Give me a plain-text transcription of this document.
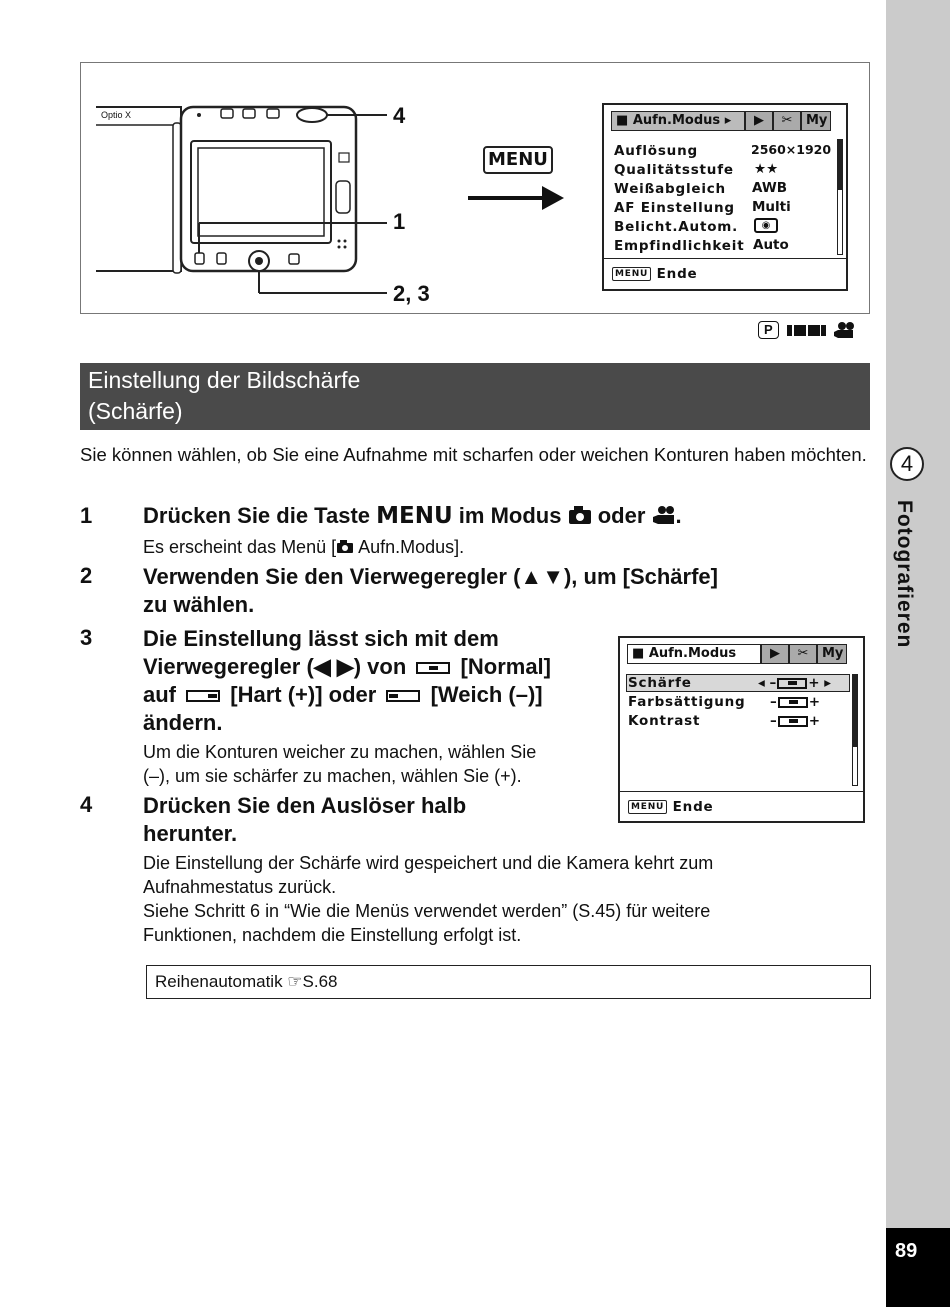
4
Fotografieren
89
Optio X	4
1
2, 3
MENU
■ Aufn.Modus ▸	▶	✂	My
Auflösung	2560×1920
Qualitätsstufe ★★
Weißabgleich AWB
AF Einstellung Multi
Belicht.Autom.	◉
Empfindlichkeit Auto
MENU Ende
P
Einstellung der Bildschärfe
(Schärfe)
Sie können wählen, ob Sie eine Aufnahme mit scharfen oder weichen Konturen haben möchten.
1 Drücken Sie die Taste MENU im Modus oder .
Es erscheint das Menü [ Aufn.Modus].
2 Verwenden Sie den Vierwegeregler (▲▼), um [Schärfe]
zu wählen.
3 Die Einstellung lässt sich mit dem
Vierwegeregler (◀ ▶) von [Normal]
auf [Hart (+)] oder [Weich (–)]
ändern.
Um die Konturen weicher zu machen, wählen Sie
(–), um sie schärfer zu machen, wählen Sie (+).
■ Aufn.Modus	▶	✂	My
Schärfe	◂ – + ▸
Farbsättigung – +
Kontrast	– +
MENU Ende
4 Drücken Sie den Auslöser halb
herunter.
Die Einstellung der Schärfe wird gespeichert und die Kamera kehrt zum
Aufnahmestatus zurück.
Siehe Schritt 6 in “Wie die Menüs verwendet werden” (S.45) für weitere
Funktionen, nachdem die Einstellung erfolgt ist.
Reihenautomatik ☞S.68
